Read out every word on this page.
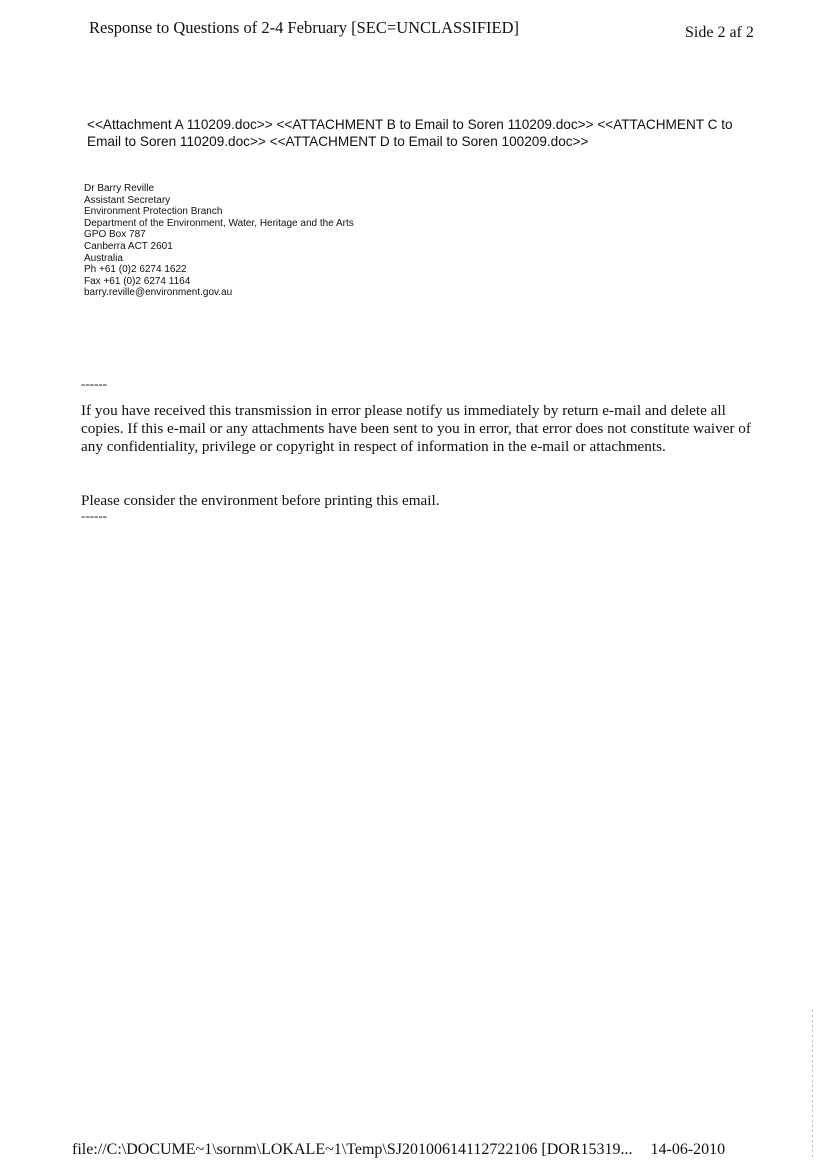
Response to Questions of 2-4 February [SEC=UNCLASSIFIED]	Side 2 af 2
<<Attachment A 110209.doc>> <<ATTACHMENT B to Email to Soren 110209.doc>> <<ATTACHMENT C to Email to Soren 110209.doc>> <<ATTACHMENT D to Email to Soren 100209.doc>>
Dr Barry Reville
Assistant Secretary
Environment Protection Branch
Department of the Environment, Water, Heritage and the Arts
GPO Box 787
Canberra ACT 2601
Australia
Ph +61 (0)2 6274 1622
Fax +61 (0)2 6274 1164
barry.reville@environment.gov.au
------
If you have received this transmission in error please notify us immediately by return e-mail and delete all copies. If this e-mail or any attachments have been sent to you in error, that error does not constitute waiver of any confidentiality, privilege or copyright in respect of information in the e-mail or attachments.
Please consider the environment before printing this email.
------
file://C:\DOCUME~1\sornm\LOKALE~1\Temp\SJ20100614112722106 [DOR15319... 14-06-2010
